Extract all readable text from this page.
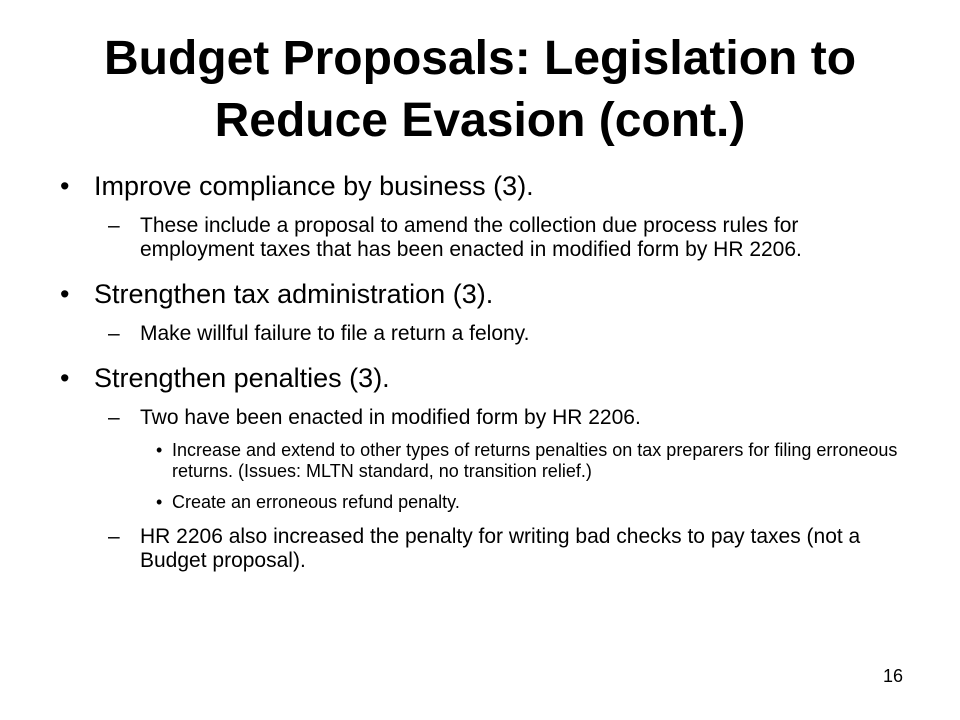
Budget Proposals: Legislation to
Reduce Evasion (cont.)
• Improve compliance by business (3).
– These include a proposal to amend the collection due process rules for employment taxes that has been enacted in modified form by HR 2206.
• Strengthen tax administration (3).
– Make willful failure to file a return a felony.
• Strengthen penalties (3).
– Two have been enacted in modified form by HR 2206.
• Increase and extend to other types of returns penalties on tax preparers for filing erroneous returns. (Issues: MLTN standard, no transition relief.)
• Create an erroneous refund penalty.
– HR 2206 also increased the penalty for writing bad checks to pay taxes (not a Budget proposal).
16
